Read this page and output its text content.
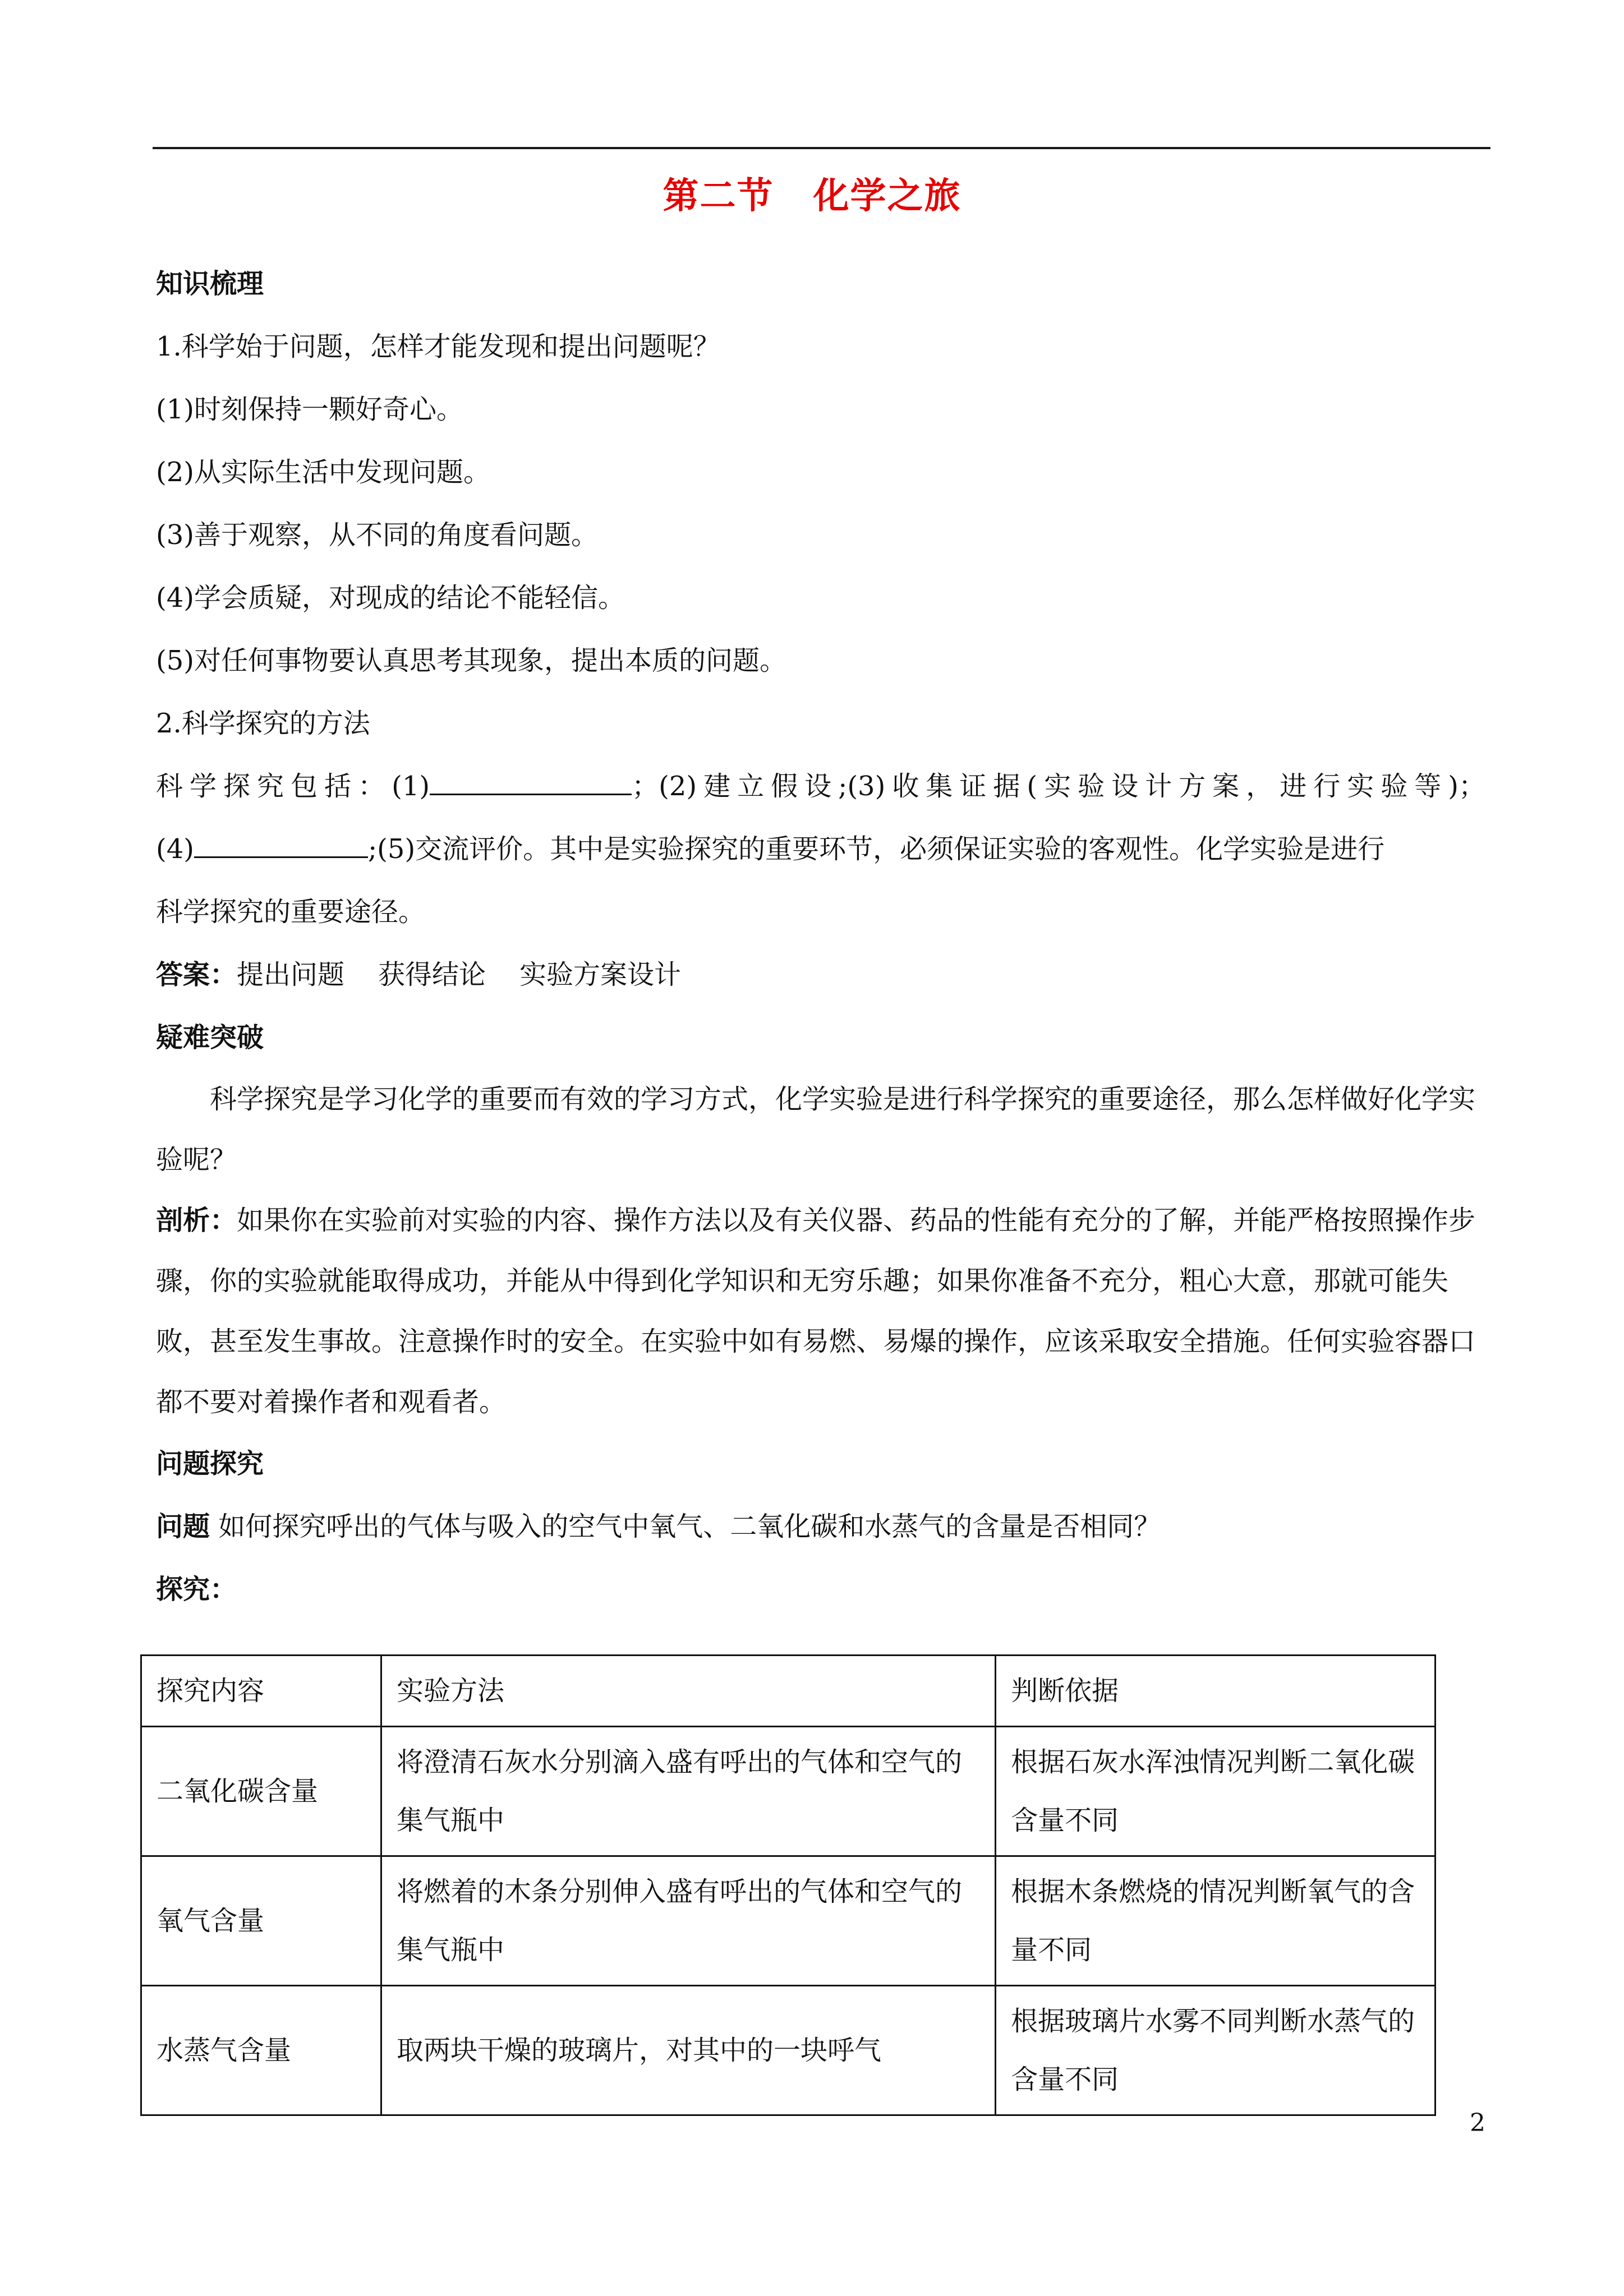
第二节 化学之旅

知识梳理

1.科学始于问题，怎样才能发现和提出问题呢？

(1)时刻保持一颗好奇心。

(2)从实际生活中发现问题。

(3)善于观察，从不同的角度看问题。

(4)学会质疑，对现成的结论不能轻信。

(5)对任何事物要认真思考其现象，提出本质的问题。

2.科学探究的方法

科学探究包括：(1)	；(2)建立假设;(3)收集证据(实验设计方案，进行实验等)；

(4)	;(5)交流评价。其中是实验探究的重要环节，必须保证实验的客观性。化学实验是进行

科学探究的重要途径。

答案：提出问题 获得结论 实验方案设计

疑难突破

科学探究是学习化学的重要而有效的学习方式，化学实验是进行科学探究的重要途径，那么怎样做好化学实验呢？

剖析：如果你在实验前对实验的内容、操作方法以及有关仪器、药品的性能有充分的了解，并能严格按照操作步骤，你的实验就能取得成功，并能从中得到化学知识和无穷乐趣；如果你准备不充分，粗心大意，那就可能失败，甚至发生事故。注意操作时的安全。在实验中如有易燃、易爆的操作，应该采取安全措施。任何实验容器口都不要对着操作者和观看者。

问题探究

问题 如何探究呼出的气体与吸入的空气中氧气、二氧化碳和水蒸气的含量是否相同？

探究：

探究内容	实验方法	判断依据
二氧化碳含量	将澄清石灰水分别滴入盛有呼出的气体和空气的集气瓶中	根据石灰水浑浊情况判断二氧化碳含量不同
氧气含量	将燃着的木条分别伸入盛有呼出的气体和空气的集气瓶中	根据木条燃烧的情况判断氧气的含量不同
水蒸气含量	取两块干燥的玻璃片，对其中的一块呼气	根据玻璃片水雾不同判断水蒸气的含量不同
2
